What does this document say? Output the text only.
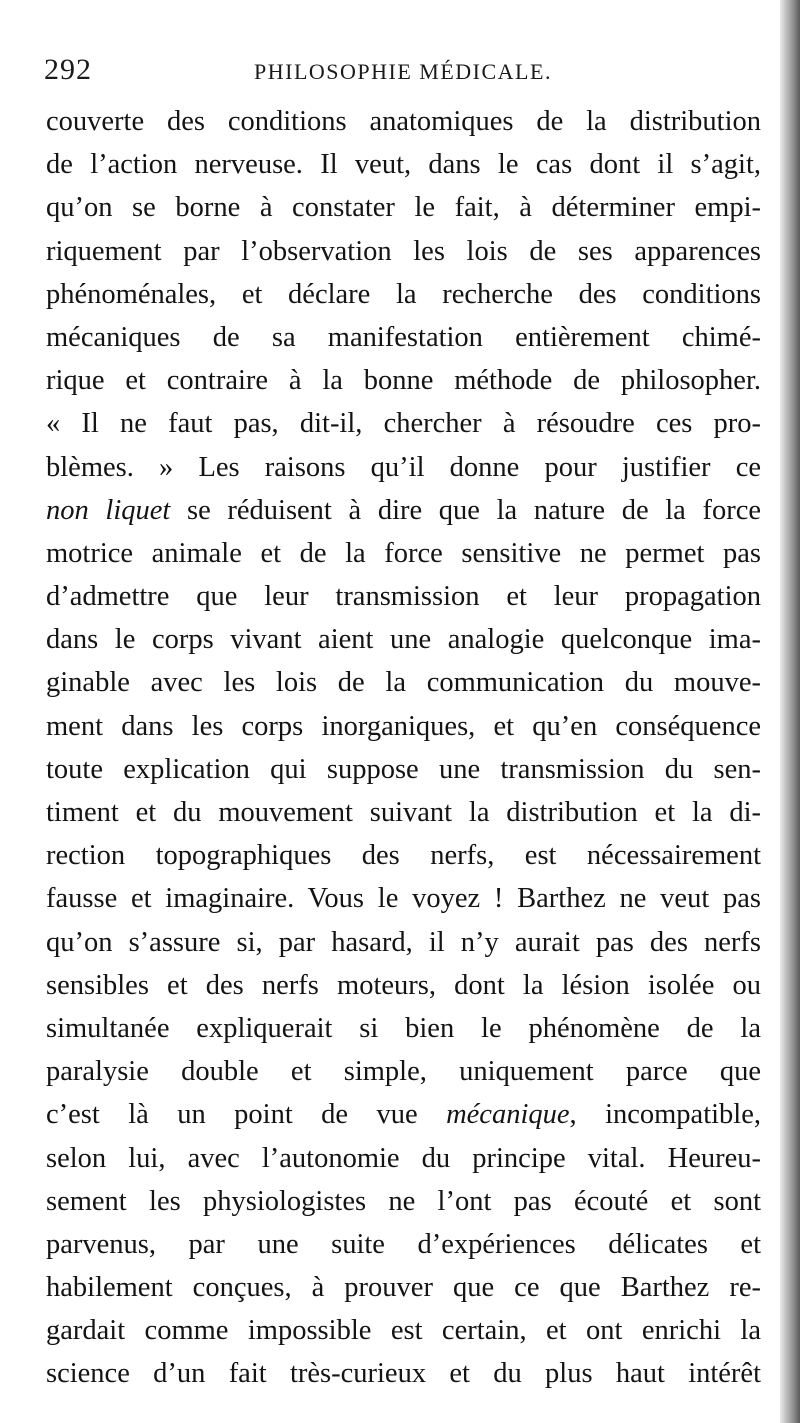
292	PHILOSOPHIE MÉDICALE.
couverte des conditions anatomiques de la distribution
de l’action nerveuse. Il veut, dans le cas dont il s’agit,
qu’on se borne à constater le fait, à déterminer empi-
riquement par l’observation les lois de ses apparences
phénoménales, et déclare la recherche des conditions
mécaniques de sa manifestation entièrement chimé-
rique et contraire à la bonne méthode de philosopher.
« Il ne faut pas, dit-il, chercher à résoudre ces pro-
blèmes. » Les raisons qu’il donne pour justifier ce
non liquet se réduisent à dire que la nature de la force
motrice animale et de la force sensitive ne permet pas
d’admettre que leur transmission et leur propagation
dans le corps vivant aient une analogie quelconque ima-
ginable avec les lois de la communication du mouve-
ment dans les corps inorganiques, et qu’en conséquence
toute explication qui suppose une transmission du sen-
timent et du mouvement suivant la distribution et la di-
rection topographiques des nerfs, est nécessairement
fausse et imaginaire. Vous le voyez ! Barthez ne veut pas
qu’on s’assure si, par hasard, il n’y aurait pas des nerfs
sensibles et des nerfs moteurs, dont la lésion isolée ou
simultanée expliquerait si bien le phénomène de la
paralysie double et simple, uniquement parce que
c’est là un point de vue mécanique, incompatible,
selon lui, avec l’autonomie du principe vital. Heureu-
sement les physiologistes ne l’ont pas écouté et sont
parvenus, par une suite d’expériences délicates et
habilement conçues, à prouver que ce que Barthez re-
gardait comme impossible est certain, et ont enrichi la
science d’un fait très-curieux et du plus haut intérêt
